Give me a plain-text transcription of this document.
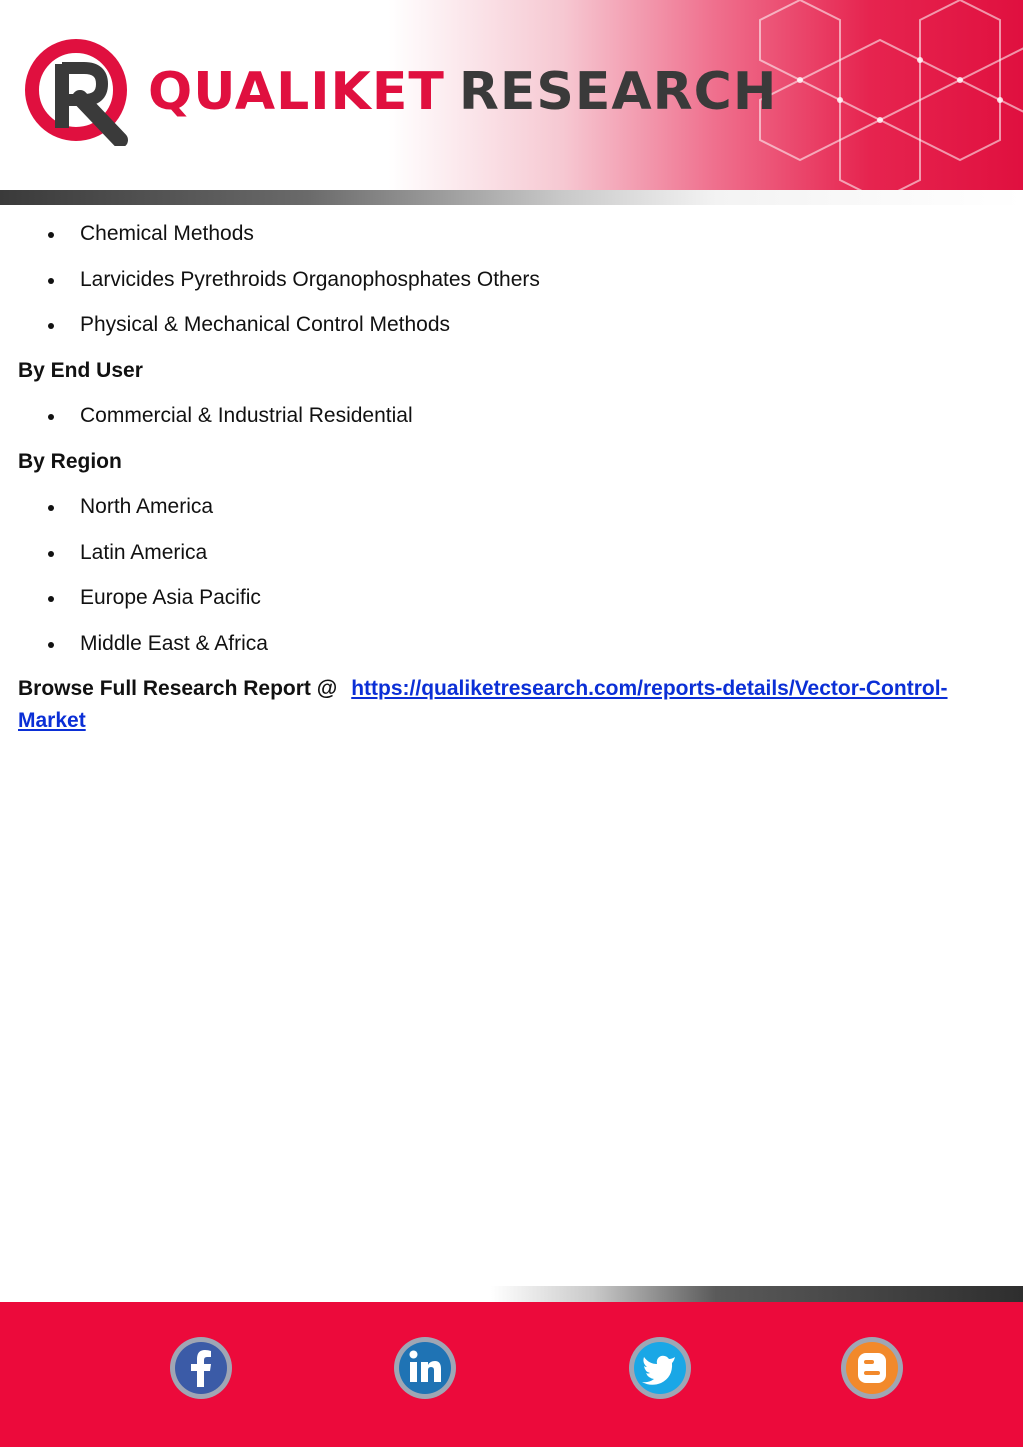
QUALIKET RESEARCH
Chemical Methods
Larvicides Pyrethroids Organophosphates Others
Physical & Mechanical Control Methods
By End User
Commercial & Industrial Residential
By Region
North America
Latin America
Europe Asia Pacific
Middle East & Africa
Browse Full Research Report @ https://qualiketresearch.com/reports-details/Vector-Control-Market
